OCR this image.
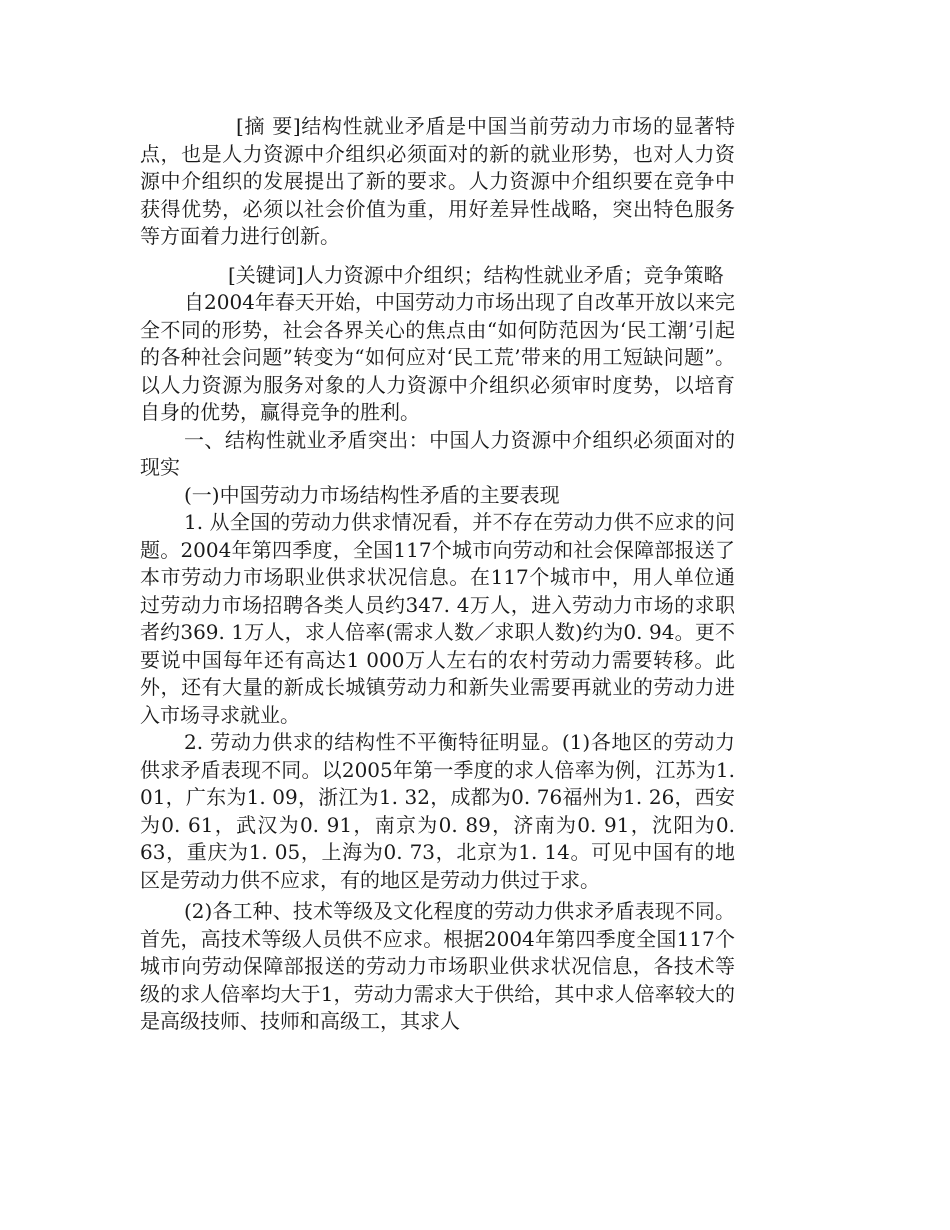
[摘 要]结构性就业矛盾是中国当前劳动力市场的显著特点，也是人力资源中介组织必须面对的新的就业形势，也对人力资源中介组织的发展提出了新的要求。人力资源中介组织要在竞争中获得优势，必须以社会价值为重，用好差异性战略，突出特色服务等方面着力进行创新。

[关键词]人力资源中介组织；结构性就业矛盾；竞争策略

自2004年春天开始，中国劳动力市场出现了自改革开放以来完全不同的形势，社会各界关心的焦点由“如何防范因为‘民工潮’引起的各种社会问题”转变为“如何应对‘民工荒’带来的用工短缺问题”。以人力资源为服务对象的人力资源中介组织必须审时度势，以培育自身的优势，赢得竞争的胜利。

一、结构性就业矛盾突出：中国人力资源中介组织必须面对的现实

(一)中国劳动力市场结构性矛盾的主要表现

1. 从全国的劳动力供求情况看，并不存在劳动力供不应求的问题。2004年第四季度，全国117个城市向劳动和社会保障部报送了本市劳动力市场职业供求状况信息。在117个城市中，用人单位通过劳动力市场招聘各类人员约347. 4万人，进入劳动力市场的求职者约369. 1万人，求人倍率(需求人数／求职人数)约为0. 94。更不要说中国每年还有高达1 000万人左右的农村劳动力需要转移。此外，还有大量的新成长城镇劳动力和新失业需要再就业的劳动力进入市场寻求就业。

2. 劳动力供求的结构性不平衡特征明显。(1)各地区的劳动力供求矛盾表现不同。以2005年第一季度的求人倍率为例，江苏为1. 01，广东为1. 09，浙江为1. 32，成都为0. 76福州为1. 26，西安为0. 61，武汉为0. 91，南京为0. 89，济南为0. 91，沈阳为0. 63，重庆为1. 05，上海为0. 73，北京为1. 14。可见中国有的地区是劳动力供不应求，有的地区是劳动力供过于求。

(2)各工种、技术等级及文化程度的劳动力供求矛盾表现不同。首先，高技术等级人员供不应求。根据2004年第四季度全国117个城市向劳动保障部报送的劳动力市场职业供求状况信息，各技术等级的求人倍率均大于1，劳动力需求大于供给，其中求人倍率较大的是高级技师、技师和高级工，其求人
